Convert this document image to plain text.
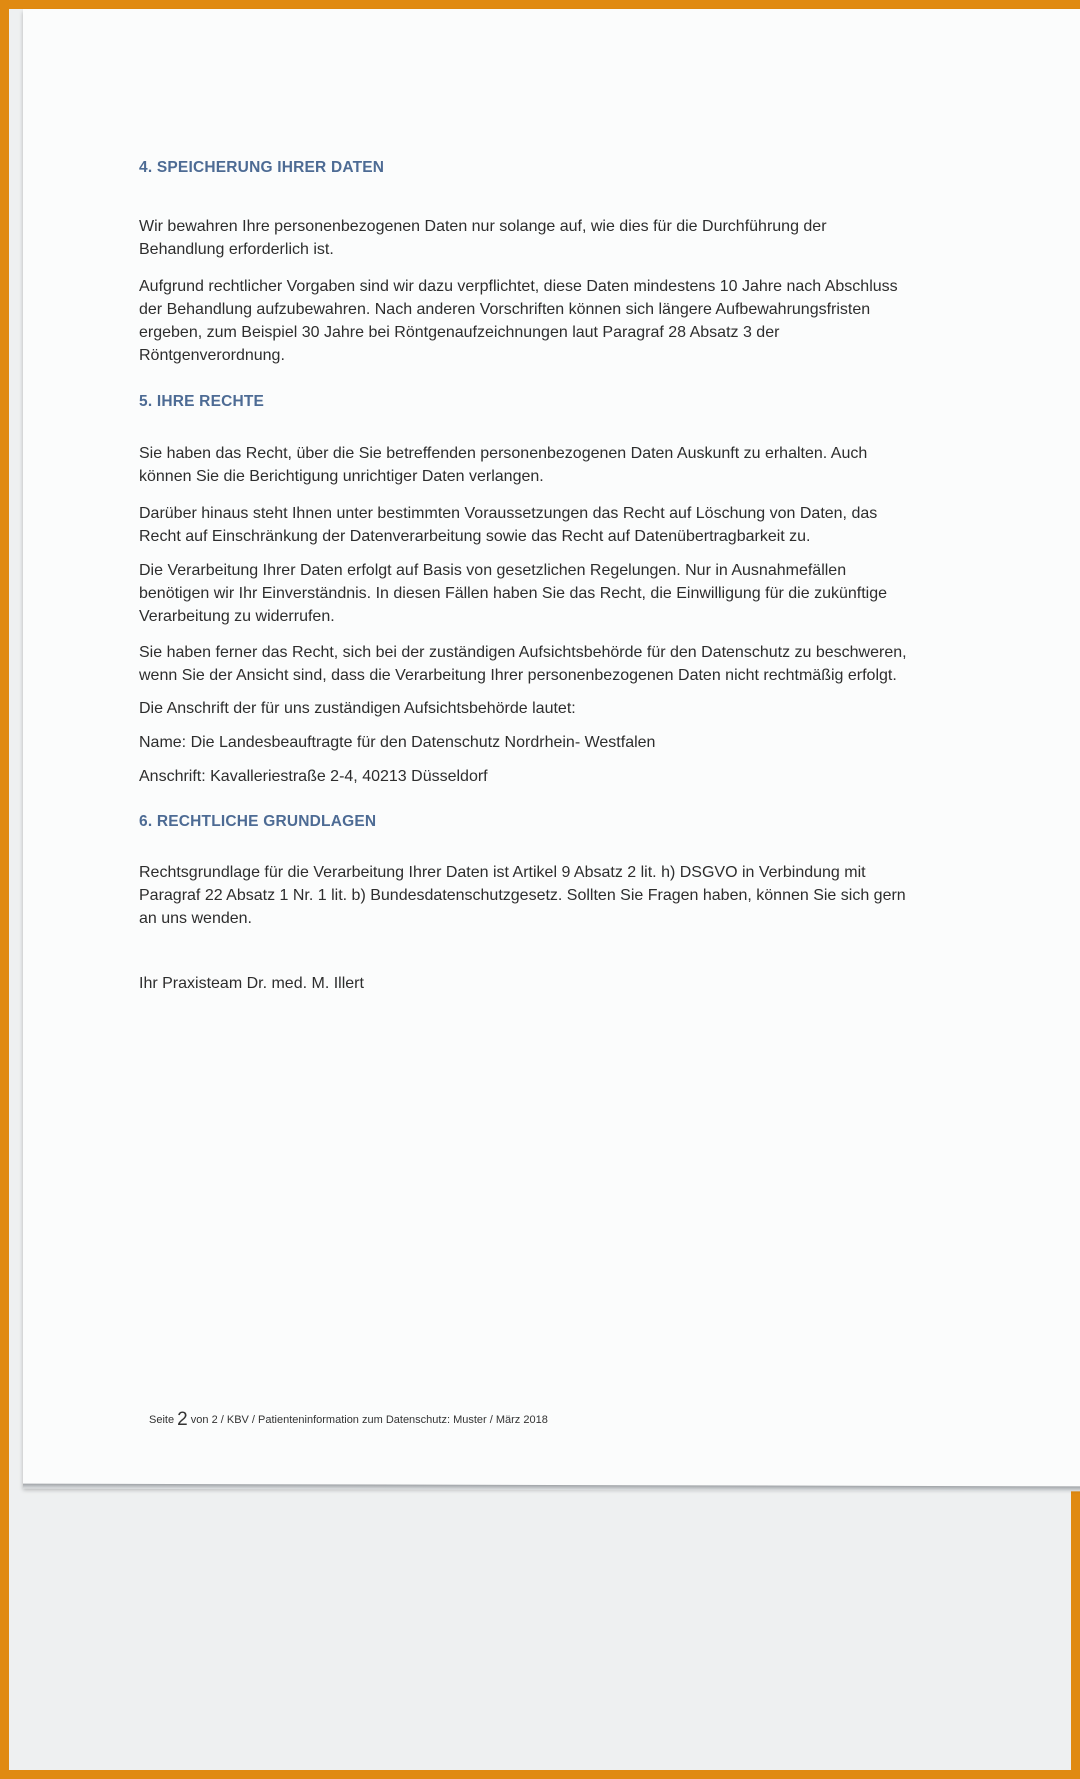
4. SPEICHERUNG IHRER DATEN
Wir bewahren Ihre personenbezogenen Daten nur solange auf, wie dies für die Durchführung der
Behandlung erforderlich ist.
Aufgrund rechtlicher Vorgaben sind wir dazu verpflichtet, diese Daten mindestens 10 Jahre nach Abschluss
der Behandlung aufzubewahren. Nach anderen Vorschriften können sich längere Aufbewahrungsfristen
ergeben, zum Beispiel 30 Jahre bei Röntgenaufzeichnungen laut Paragraf 28 Absatz 3 der
Röntgenverordnung.
5. IHRE RECHTE
Sie haben das Recht, über die Sie betreffenden personenbezogenen Daten Auskunft zu erhalten. Auch
können Sie die Berichtigung unrichtiger Daten verlangen.
Darüber hinaus steht Ihnen unter bestimmten Voraussetzungen das Recht auf Löschung von Daten, das
Recht auf Einschränkung der Datenverarbeitung sowie das Recht auf Datenübertragbarkeit zu.
Die Verarbeitung Ihrer Daten erfolgt auf Basis von gesetzlichen Regelungen. Nur in Ausnahmefällen
benötigen wir Ihr Einverständnis. In diesen Fällen haben Sie das Recht, die Einwilligung für die zukünftige
Verarbeitung zu widerrufen.
Sie haben ferner das Recht, sich bei der zuständigen Aufsichtsbehörde für den Datenschutz zu beschweren,
wenn Sie der Ansicht sind, dass die Verarbeitung Ihrer personenbezogenen Daten nicht rechtmäßig erfolgt.
Die Anschrift der für uns zuständigen Aufsichtsbehörde lautet:
Name: Die Landesbeauftragte für den Datenschutz Nordrhein- Westfalen
Anschrift: Kavalleriestraße 2-4, 40213 Düsseldorf
6. RECHTLICHE GRUNDLAGEN
Rechtsgrundlage für die Verarbeitung Ihrer Daten ist Artikel 9 Absatz 2 lit. h) DSGVO in Verbindung mit
Paragraf 22 Absatz 1 Nr. 1 lit. b) Bundesdatenschutzgesetz. Sollten Sie Fragen haben, können Sie sich gern
an uns wenden.
Ihr Praxisteam Dr. med. M. Illert
Seite 2 von 2 / KBV / Patienteninformation zum Datenschutz: Muster / März 2018
